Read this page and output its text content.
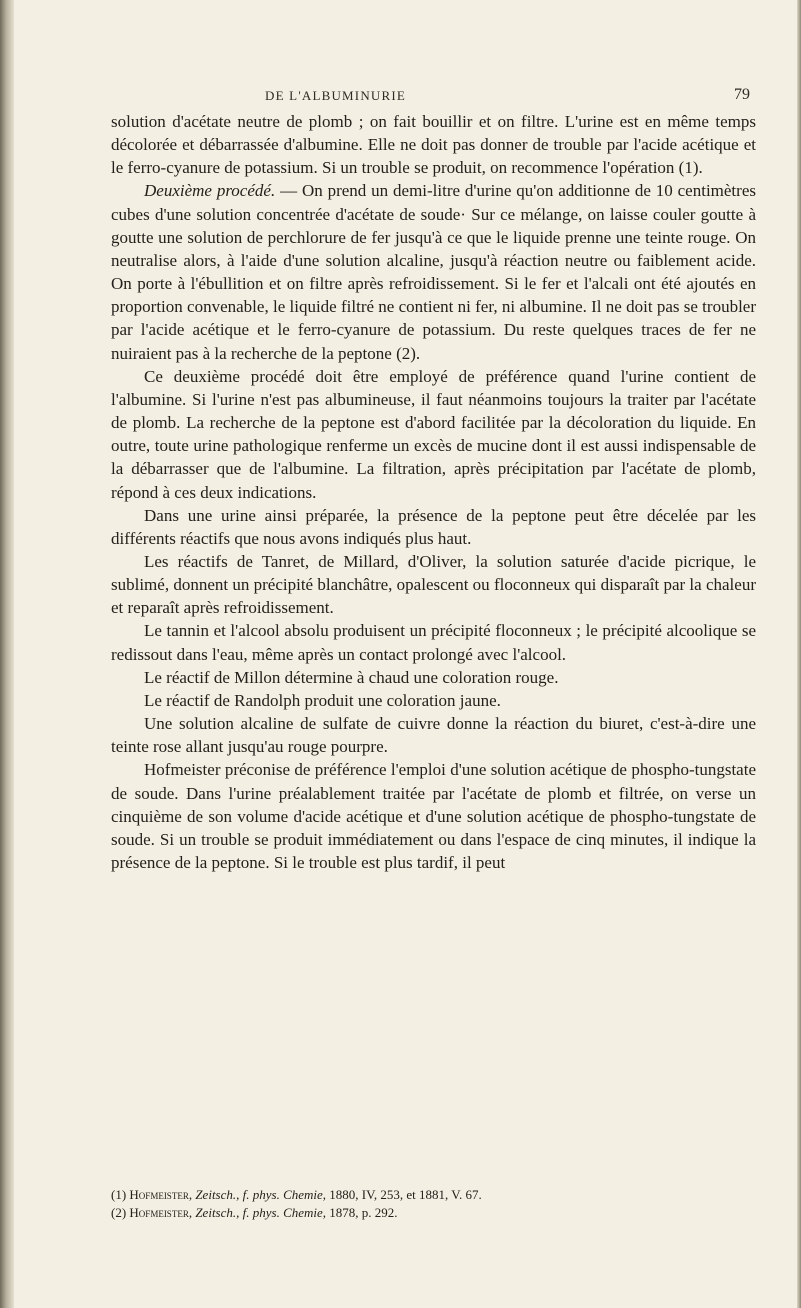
DE L'ALBUMINURIE	79

solution d'acétate neutre de plomb ; on fait bouillir et on filtre. L'urine est en même temps décolorée et débarrassée d'albumine. Elle ne doit pas donner de trouble par l'acide acétique et le ferro-cyanure de potassium. Si un trouble se produit, on recommence l'opération (1).

Deuxième procédé. — On prend un demi-litre d'urine qu'on additionne de 10 centimètres cubes d'une solution concentrée d'acétate de soude· Sur ce mélange, on laisse couler goutte à goutte une solution de perchlorure de fer jusqu'à ce que le liquide prenne une teinte rouge. On neutralise alors, à l'aide d'une solution alcaline, jusqu'à réaction neutre ou faiblement acide. On porte à l'ébullition et on filtre après refroidissement. Si le fer et l'alcali ont été ajoutés en proportion convenable, le liquide filtré ne contient ni fer, ni albumine. Il ne doit pas se troubler par l'acide acétique et le ferro-cyanure de potassium. Du reste quelques traces de fer ne nuiraient pas à la recherche de la peptone (2).

Ce deuxième procédé doit être employé de préférence quand l'urine contient de l'albumine. Si l'urine n'est pas albumineuse, il faut néanmoins toujours la traiter par l'acétate de plomb. La recherche de la peptone est d'abord facilitée par la décoloration du liquide. En outre, toute urine pathologique renferme un excès de mucine dont il est aussi indispensable de la débarrasser que de l'albumine. La filtration, après précipitation par l'acétate de plomb, répond à ces deux indications.

Dans une urine ainsi préparée, la présence de la peptone peut être décelée par les différents réactifs que nous avons indiqués plus haut.

Les réactifs de Tanret, de Millard, d'Oliver, la solution saturée d'acide picrique, le sublimé, donnent un précipité blanchâtre, opalescent ou floconneux qui disparaît par la chaleur et reparaît après refroidissement.

Le tannin et l'alcool absolu produisent un précipité floconneux ; le précipité alcoolique se redissout dans l'eau, même après un contact prolongé avec l'alcool.

Le réactif de Millon détermine à chaud une coloration rouge.

Le réactif de Randolph produit une coloration jaune.

Une solution alcaline de sulfate de cuivre donne la réaction du biuret, c'est-à-dire une teinte rose allant jusqu'au rouge pourpre.

Hofmeister préconise de préférence l'emploi d'une solution acétique de phospho-tungstate de soude. Dans l'urine préalablement traitée par l'acétate de plomb et filtrée, on verse un cinquième de son volume d'acide acétique et d'une solution acétique de phospho-tungstate de soude. Si un trouble se produit immédiatement ou dans l'espace de cinq minutes, il indique la présence de la peptone. Si le trouble est plus tardif, il peut

(1) Hofmeister, Zeitsch., f. phys. Chemie, 1880, IV, 253, et 1881, V. 67.

(2) Hofmeister, Zeitsch., f. phys. Chemie, 1878, p. 292.
